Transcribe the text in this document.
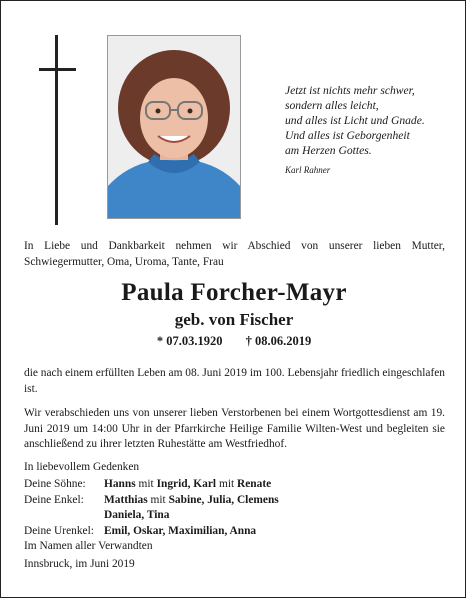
Jetzt ist nichts mehr schwer,
sondern alles leicht,
und alles ist Licht und Gnade.
Und alles ist Geborgenheit
am Herzen Gottes.
Karl Rahner
In Liebe und Dankbarkeit nehmen wir Abschied von unserer lieben Mutter, Schwiegermutter, Oma, Uroma, Tante, Frau
Paula Forcher-Mayr
geb. von Fischer
* 07.03.1920 † 08.06.2019
die nach einem erfüllten Leben am 08. Juni 2019 im 100. Lebensjahr friedlich eingeschlafen ist.
Wir verabschieden uns von unserer lieben Verstorbenen bei einem Wortgottesdienst am 19. Juni 2019 um 14:00 Uhr in der Pfarrkirche Heilige Familie Wilten-West und begleiten sie anschließend zu ihrer letzten Ruhestätte am Westfriedhof.
In liebevollem Gedenken
Deine Söhne:	Hanns mit Ingrid, Karl mit Renate
Deine Enkel:	Matthias mit Sabine, Julia, Clemens
Daniela, Tina
Deine Urenkel: Emil, Oskar, Maximilian, Anna
Im Namen aller Verwandten
Innsbruck, im Juni 2019
